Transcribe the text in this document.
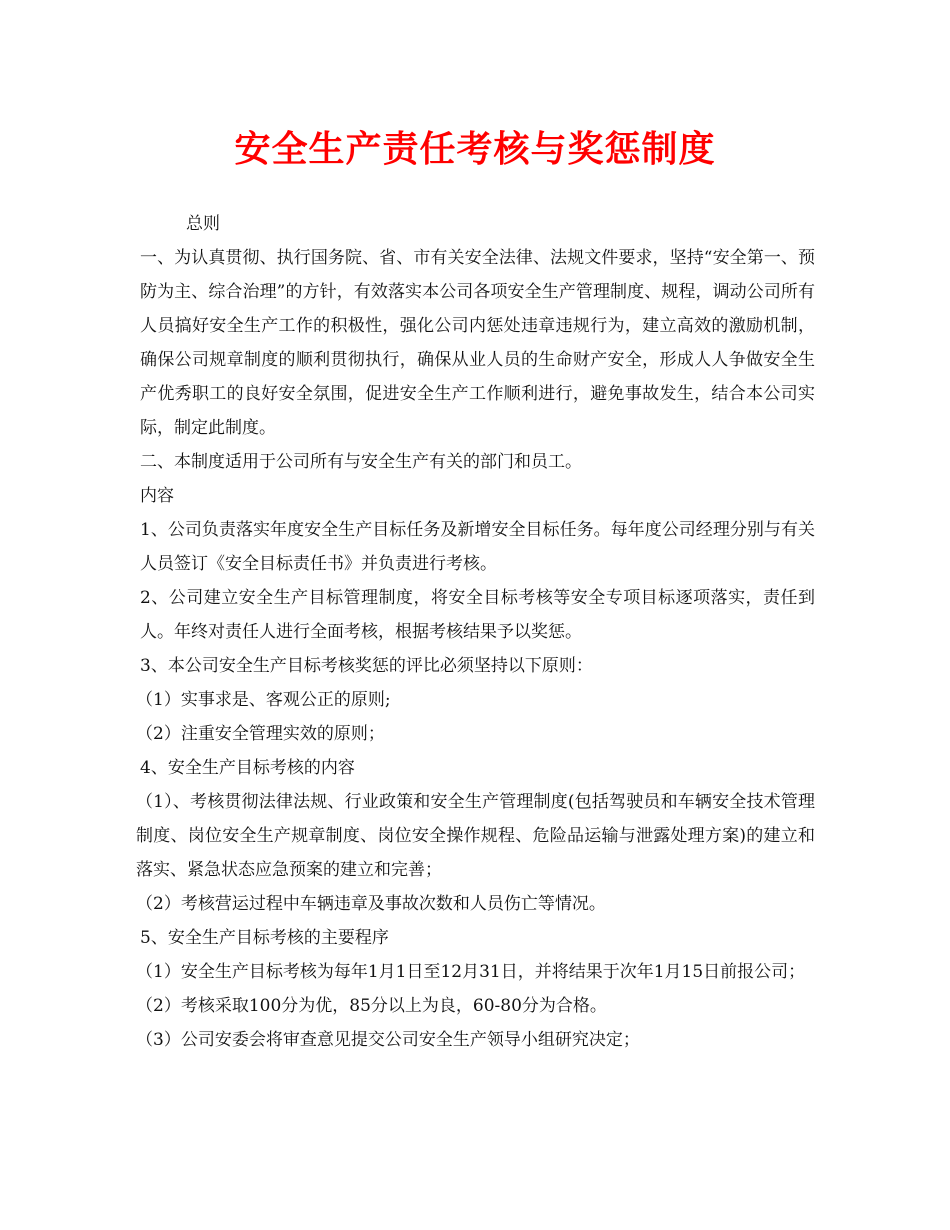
安全生产责任考核与奖惩制度

总则

一、为认真贯彻、执行国务院、省、市有关安全法律、法规文件要求，坚持“安全第一、预防为主、综合治理”的方针，有效落实本公司各项安全生产管理制度、规程，调动公司所有人员搞好安全生产工作的积极性，强化公司内惩处违章违规行为，建立高效的激励机制，确保公司规章制度的顺利贯彻执行，确保从业人员的生命财产安全，形成人人争做安全生产优秀职工的良好安全氛围，促进安全生产工作顺利进行，避免事故发生，结合本公司实际，制定此制度。

二、本制度适用于公司所有与安全生产有关的部门和员工。

内容

1、公司负责落实年度安全生产目标任务及新增安全目标任务。每年度公司经理分别与有关人员签订《安全目标责任书》并负责进行考核。

2、公司建立安全生产目标管理制度，将安全目标考核等安全专项目标逐项落实，责任到人。年终对责任人进行全面考核，根据考核结果予以奖惩。

3、本公司安全生产目标考核奖惩的评比必须坚持以下原则：

（1）实事求是、客观公正的原则;

（2）注重安全管理实效的原则；

4、安全生产目标考核的内容

（1）、考核贯彻法律法规、行业政策和安全生产管理制度(包括驾驶员和车辆安全技术管理制度、岗位安全生产规章制度、岗位安全操作规程、危险品运输与泄露处理方案)的建立和落实、紧急状态应急预案的建立和完善；

（2）考核营运过程中车辆违章及事故次数和人员伤亡等情况。

5、安全生产目标考核的主要程序

（1）安全生产目标考核为每年1月1日至12月31日，并将结果于次年1月15日前报公司；

（2）考核采取100分为优，85分以上为良，60-80分为合格。

（3）公司安委会将审查意见提交公司安全生产领导小组研究决定；
